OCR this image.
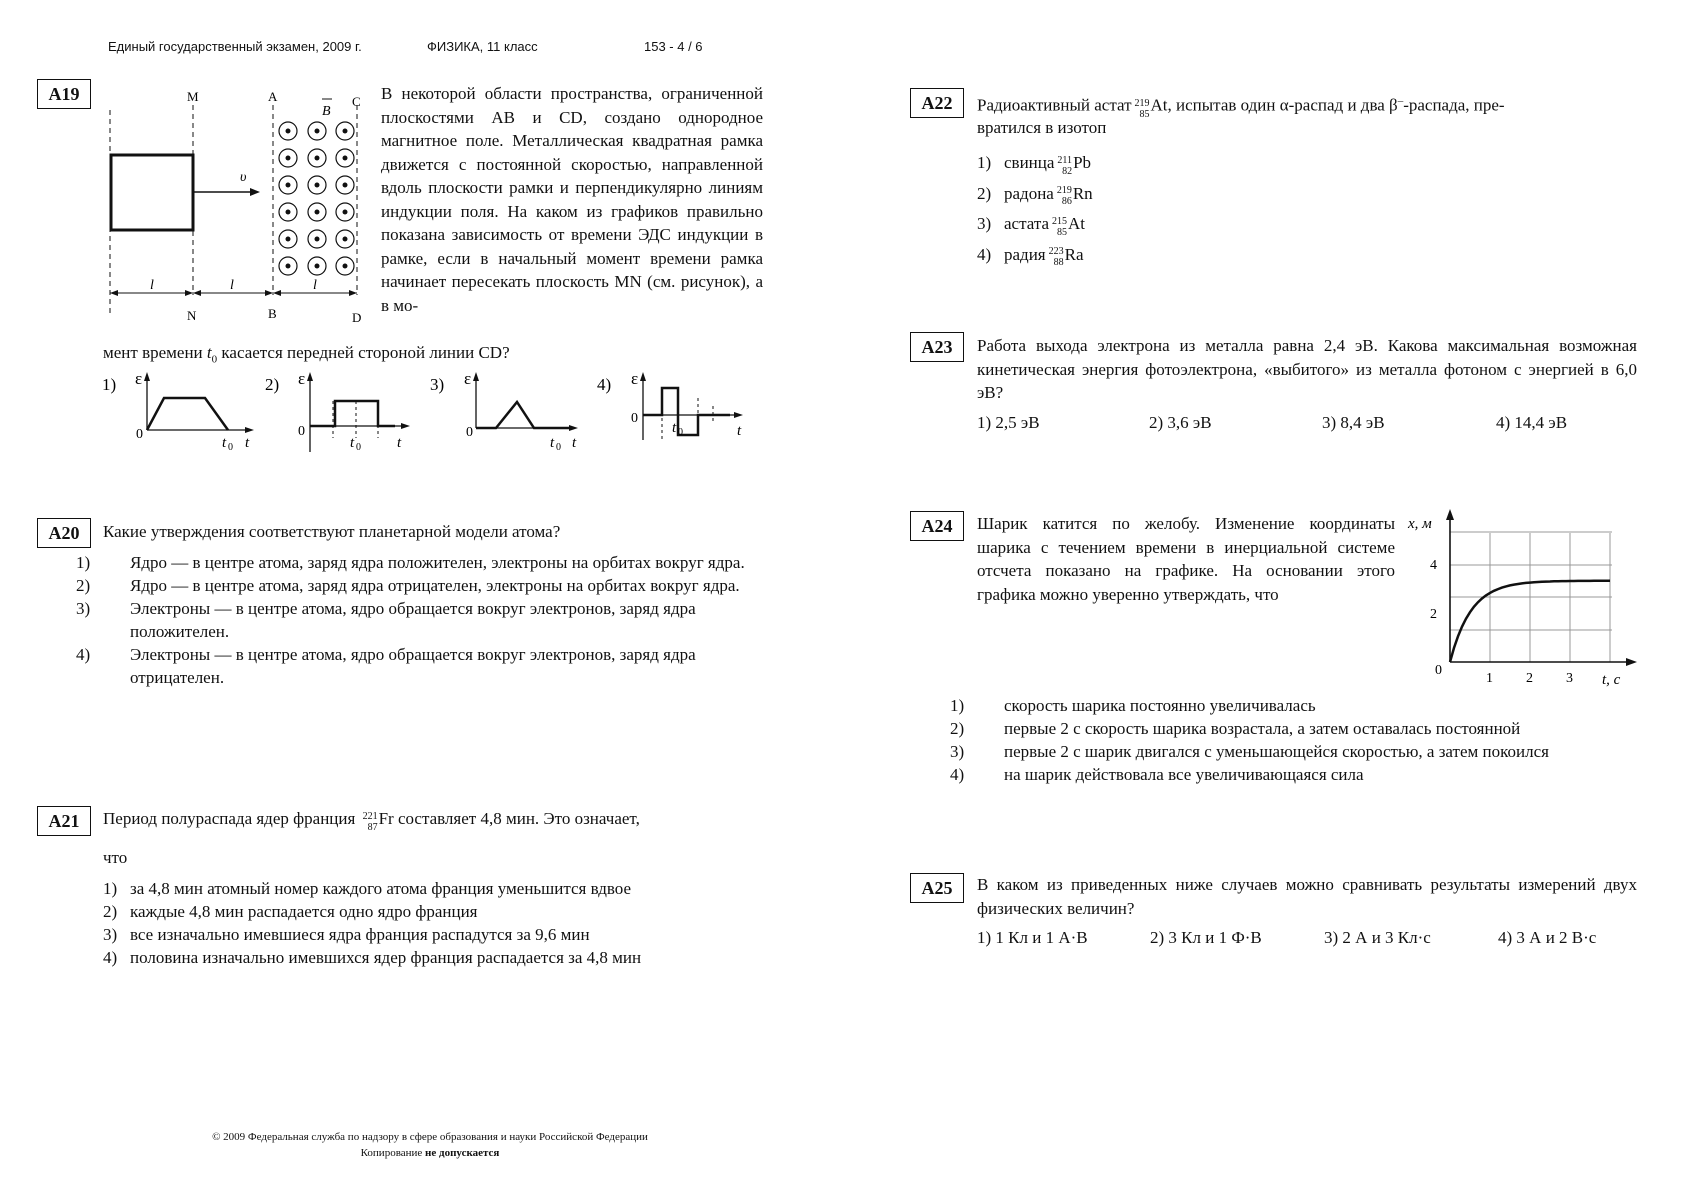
Единый государственный экзамен, 2009 г.	ФИЗИКА, 11 класс	153 - 4 / 6
A19
υ
B
M	A	C
l	l	l
N	B	D
В некоторой области пространства, ограниченной плоскостями AB и CD, создано однородное магнитное поле. Металлическая квадратная рамка движется с постоянной скоростью, направленной вдоль плоскости рамки и перпендикулярно линиям индукции поля. На каком из графиков правильно показана зависимость от времени ЭДС индукции в рамке, если в начальный момент времени рамка начинает пересекать плоскость MN (см. рисунок), а в мо-
мент времени $t_0$ касается передней стороной линии CD?
1)	2)	3)	4)
ε
0
t 0 t
ε
0
t 0 t
ε
0
t 0 t
ε
0
t 0	t
A20	Какие утверждения соответствуют планетарной модели атома?
1) Ядро — в центре атома, заряд ядра положителен, электроны на орбитах вокруг ядра.
2) Ядро — в центре атома, заряд ядра отрицателен, электроны на орбитах вокруг ядра.
3) Электроны — в центре атома, ядро обращается вокруг электронов, заряд ядра положителен.
4) Электроны — в центре атома, ядро обращается вокруг электронов, заряд ядра отрицателен.
A21	Период полураспада ядер франция 221
87 Fr составляет 4,8 мин. Это означает,
что
1) за 4,8 мин атомный номер каждого атома франция уменьшится вдвое
2) каждые 4,8 мин распадается одно ядро франция
3) все изначально имевшиеся ядра франция распадутся за 9,6 мин
4) половина изначально имевшихся ядер франция распадается за 4,8 мин
A22	Радиоактивный астат 219
85 At, испытав один α-распад и два β–-распада, пре-
вратился в изотоп
1) свинца 211
82 Pb
2) радона 219
86 Rn
3) астата 215
85 At
4) радия 223
88 Ra
A23	Работа выхода электрона из металла равна 2,4 эВ. Какова максимальная возможная кинетическая энергия фотоэлектрона, «выбитого» из металла фотоном с энергией в 6,0 эВ?
1) 2,5 эВ	2) 3,6 эВ	3) 8,4 эВ	4) 14,4 эВ
A24	Шарик катится по желобу. Изменение координаты шарика с течением времени в инерциальной системе отсчета показано на графике. На основании этого графика можно уверенно утверждать, что
x, м
4
2
0
1 2 3 t, с
1) скорость шарика постоянно увеличивалась
2) первые 2 с скорость шарика возрастала, а затем оставалась постоянной
3) первые 2 с шарик двигался с уменьшающейся скоростью, а затем покоился
4) на шарик действовала все увеличивающаяся сила
A25	В каком из приведенных ниже случаев можно сравнивать результаты измерений двух физических величин?
1) 1 Кл и 1 А·В	2) 3 Кл и 1 Ф·В	3) 2 А и 3 Кл·с	4) 3 А и 2 В·с
© 2009 Федеральная служба по надзору в сфере образования и науки Российской Федерации
Копирование не допускается
